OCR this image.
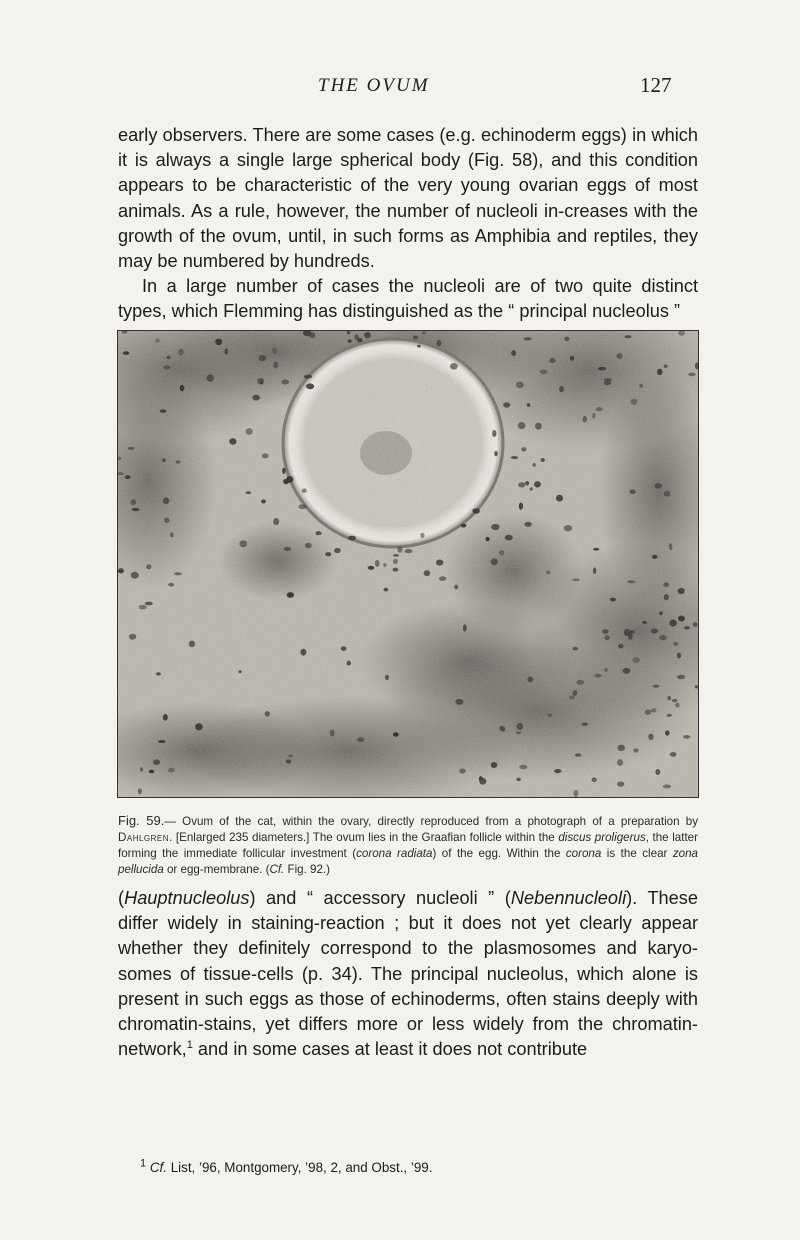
THE OVUM	127

early observers. There are some cases (e.g. echinoderm eggs) in which it is always a single large spherical body (Fig. 58), and this condition appears to be characteristic of the very young ovarian eggs of most animals. As a rule, however, the number of nucleoli in-creases with the growth of the ovum, until, in such forms as Amphibia and reptiles, they may be numbered by hundreds.

In a large number of cases the nucleoli are of two quite distinct types, which Flemming has distinguished as the “ principal nucleolus ”

Fig. 59.— Ovum of the cat, within the ovary, directly reproduced from a photograph of a preparation by Dahlgren. [Enlarged 235 diameters.] The ovum lies in the Graafian follicle within the discus proligerus, the latter forming the immediate follicular investment (corona radiata) of the egg. Within the corona is the clear zona pellucida or egg-membrane. (Cf. Fig. 92.)

(Hauptnucleolus) and “ accessory nucleoli ” (Nebennucleoli). These differ widely in staining-reaction ; but it does not yet clearly appear whether they definitely correspond to the plasmosomes and karyo-somes of tissue-cells (p. 34). The principal nucleolus, which alone is present in such eggs as those of echinoderms, often stains deeply with chromatin-stains, yet differs more or less widely from the chromatin-network,$^1$ and in some cases at least it does not contribute

$^1$ Cf. List, ’96, Montgomery, ’98, 2, and Obst., ’99.
